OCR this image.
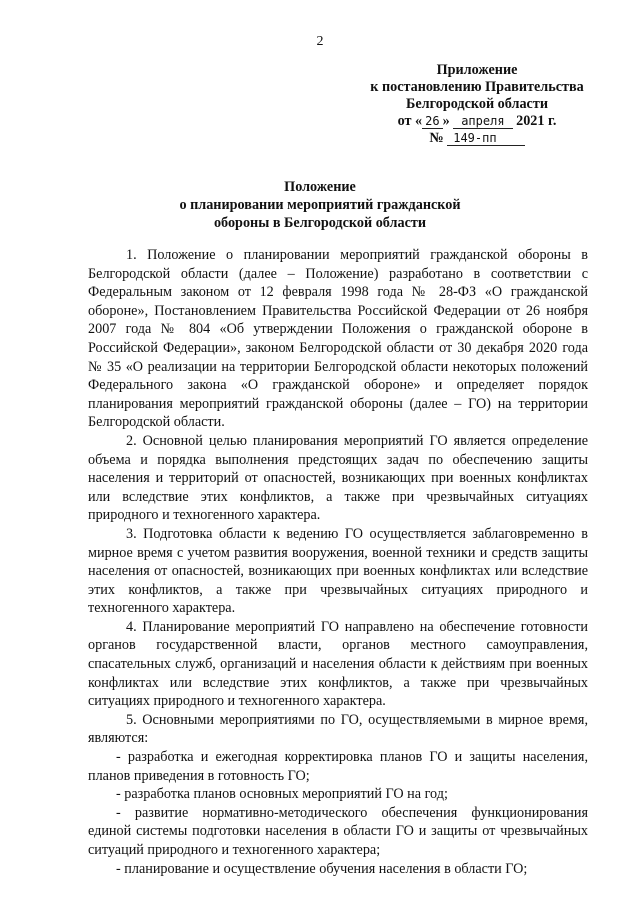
2
Приложение
к постановлению Правительства
Белгородской области
от « 26 » апреля 2021 г.
№ 149-пп
Положение
о планировании мероприятий гражданской
обороны в Белгородской области

1. Положение о планировании мероприятий гражданской обороны в Белгородской области (далее – Положение) разработано в соответствии с Федеральным законом от 12 февраля 1998 года № 28-ФЗ «О гражданской обороне», Постановлением Правительства Российской Федерации от 26 ноября 2007 года № 804 «Об утверждении Положения о гражданской обороне в Российской Федерации», законом Белгородской области от 30 декабря 2020 года № 35 «О реализации на территории Белгородской области некоторых положений Федерального закона «О гражданской обороне» и определяет порядок планирования мероприятий гражданской обороны (далее – ГО) на территории Белгородской области.

2. Основной целью планирования мероприятий ГО является определение объема и порядка выполнения предстоящих задач по обеспечению защиты населения и территорий от опасностей, возникающих при военных конфликтах или вследствие этих конфликтов, а также при чрезвычайных ситуациях природного и техногенного характера.

3. Подготовка области к ведению ГО осуществляется заблаговременно в мирное время с учетом развития вооружения, военной техники и средств защиты населения от опасностей, возникающих при военных конфликтах или вследствие этих конфликтов, а также при чрезвычайных ситуациях природного и техногенного характера.

4. Планирование мероприятий ГО направлено на обеспечение готовности органов государственной власти, органов местного самоуправления, спасательных служб, организаций и населения области к действиям при военных конфликтах или вследствие этих конфликтов, а также при чрезвычайных ситуациях природного и техногенного характера.

5. Основными мероприятиями по ГО, осуществляемыми в мирное время, являются:

- разработка и ежегодная корректировка планов ГО и защиты населения, планов приведения в готовность ГО;

- разработка планов основных мероприятий ГО на год;

- развитие нормативно-методического обеспечения функционирования единой системы подготовки населения в области ГО и защиты от чрезвычайных ситуаций природного и техногенного характера;

- планирование и осуществление обучения населения в области ГО;
